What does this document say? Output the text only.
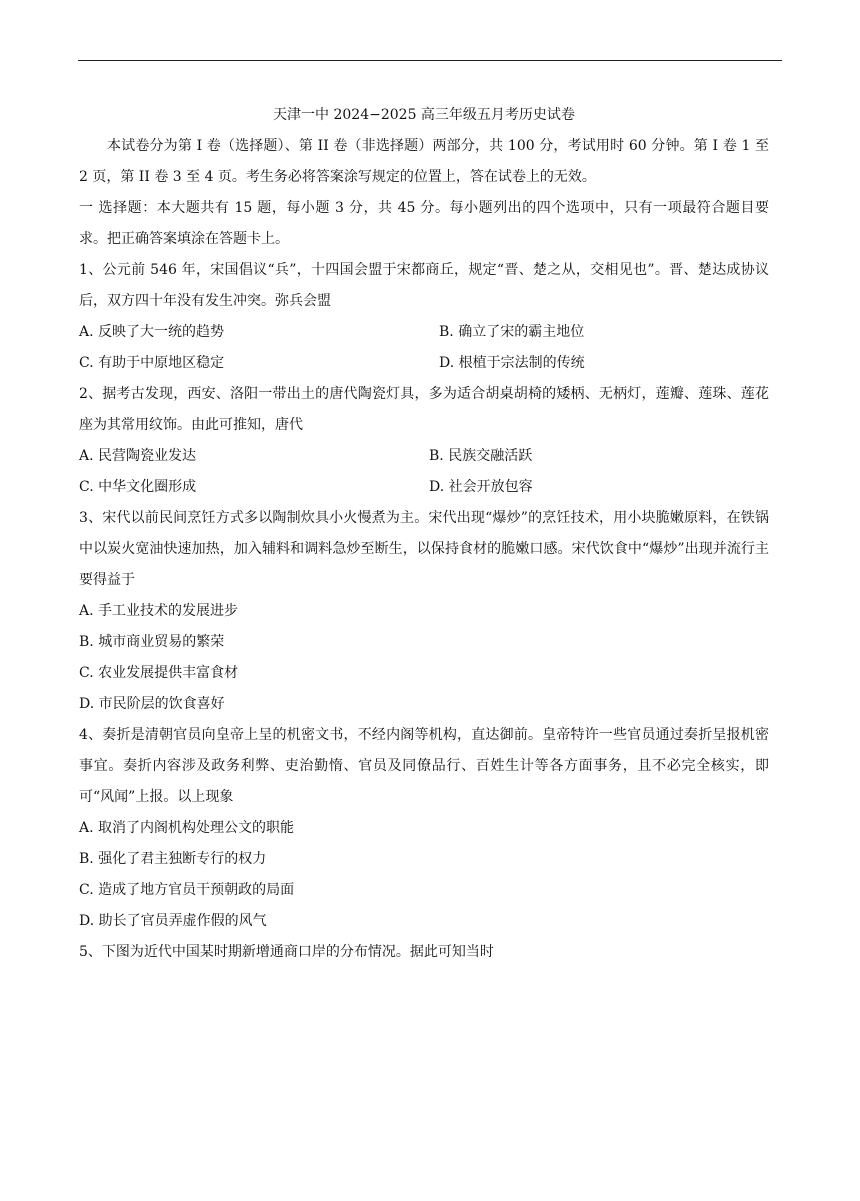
天津一中 2024−2025 高三年级五月考历史试卷

本试卷分为第 I 卷（选择题）、第 II 卷（非选择题）两部分，共 100 分，考试用时 60 分钟。第 I 卷 1 至 2 页，第 II 卷 3 至 4 页。考生务必将答案涂写规定的位置上，答在试卷上的无效。

一 选择题：本大题共有 15 题，每小题 3 分，共 45 分。每小题列出的四个选项中，只有一项最符合题目要求。把正确答案填涂在答题卡上。

1、公元前 546 年，宋国倡议“兵”，十四国会盟于宋都商丘，规定“晋、楚之从，交相见也”。晋、楚达成协议后，双方四十年没有发生冲突。弥兵会盟

A. 反映了大一统的趋势	B. 确立了宋的霸主地位
C. 有助于中原地区稳定	D. 根植于宗法制的传统

2、据考古发现，西安、洛阳一带出土的唐代陶瓷灯具，多为适合胡桌胡椅的矮柄、无柄灯，莲瓣、莲珠、莲花座为其常用纹饰。由此可推知，唐代

A. 民营陶瓷业发达	B. 民族交融活跃
C. 中华文化圈形成	D. 社会开放包容

3、宋代以前民间烹饪方式多以陶制炊具小火慢煮为主。宋代出现“爆炒”的烹饪技术，用小块脆嫩原料，在铁锅中以炭火宽油快速加热，加入辅料和调料急炒至断生，以保持食材的脆嫩口感。宋代饮食中“爆炒”出现并流行主要得益于

A. 手工业技术的发展进步

B. 城市商业贸易的繁荣

C. 农业发展提供丰富食材

D. 市民阶层的饮食喜好

4、奏折是清朝官员向皇帝上呈的机密文书，不经内阁等机构，直达御前。皇帝特许一些官员通过奏折呈报机密事宜。奏折内容涉及政务利弊、吏治勤惰、官员及同僚品行、百姓生计等各方面事务，且不必完全核实，即可“风闻”上报。以上现象

A. 取消了内阁机构处理公文的职能

B. 强化了君主独断专行的权力

C. 造成了地方官员干预朝政的局面

D. 助长了官员弄虚作假的风气

5、下图为近代中国某时期新增通商口岸的分布情况。据此可知当时
